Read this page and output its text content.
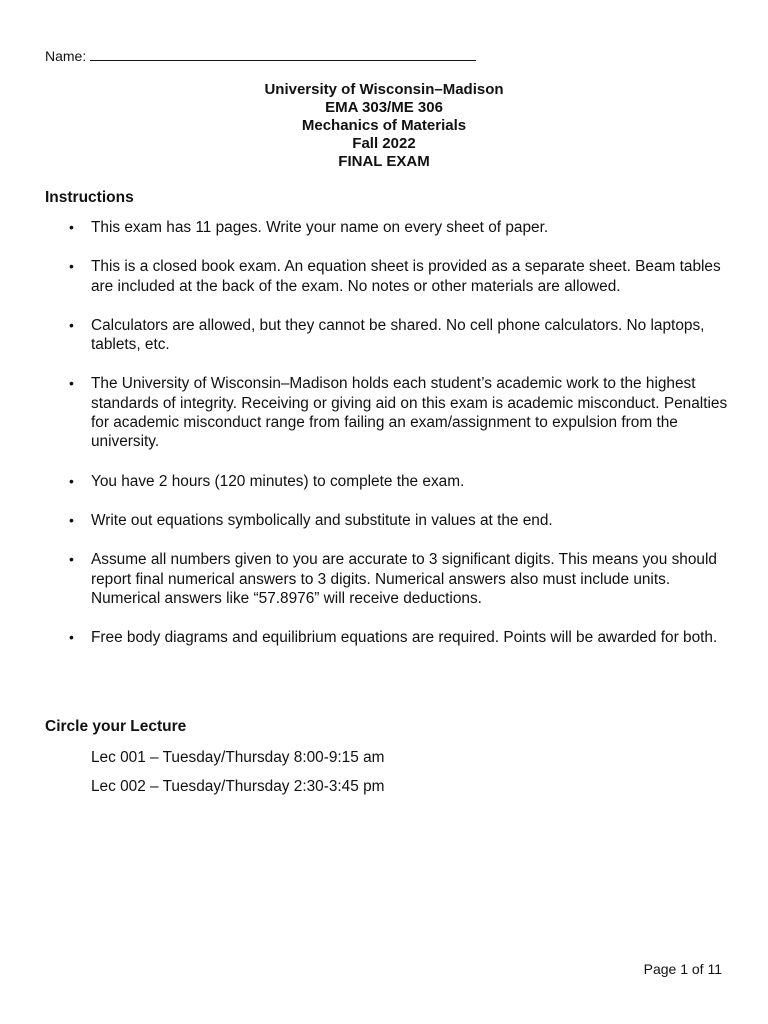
Name:
University of Wisconsin–Madison
EMA 303/ME 306
Mechanics of Materials
Fall 2022
FINAL EXAM
Instructions
• This exam has 11 pages. Write your name on every sheet of paper.
• This is a closed book exam. An equation sheet is provided as a separate sheet. Beam tables are included at the back of the exam. No notes or other materials are allowed.
• Calculators are allowed, but they cannot be shared. No cell phone calculators. No laptops, tablets, etc.
• The University of Wisconsin–Madison holds each student’s academic work to the highest standards of integrity. Receiving or giving aid on this exam is academic misconduct. Penalties for academic misconduct range from failing an exam/assignment to expulsion from the university.
• You have 2 hours (120 minutes) to complete the exam.
• Write out equations symbolically and substitute in values at the end.
• Assume all numbers given to you are accurate to 3 significant digits. This means you should report final numerical answers to 3 digits. Numerical answers also must include units. Numerical answers like “57.8976” will receive deductions.
• Free body diagrams and equilibrium equations are required. Points will be awarded for both.
Circle your Lecture

Lec 001 – Tuesday/Thursday 8:00-9:15 am

Lec 002 – Tuesday/Thursday 2:30-3:45 pm

Page 1 of 11
